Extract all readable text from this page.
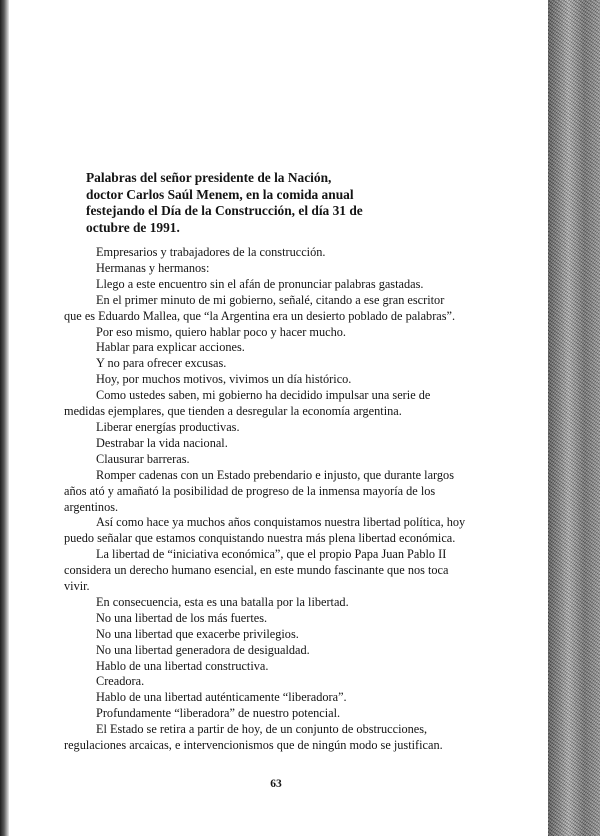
Palabras del señor presidente de la Nación,
doctor Carlos Saúl Menem, en la comida anual
festejando el Día de la Construcción, el día 31 de
octubre de 1991.
Empresarios y trabajadores de la construcción.
Hermanas y hermanos:
Llego a este encuentro sin el afán de pronunciar palabras gastadas.
En el primer minuto de mi gobierno, señalé, citando a ese gran escritor
que es Eduardo Mallea, que “la Argentina era un desierto poblado de palabras”.
Por eso mismo, quiero hablar poco y hacer mucho.
Hablar para explicar acciones.
Y no para ofrecer excusas.
Hoy, por muchos motivos, vivimos un día histórico.
Como ustedes saben, mi gobierno ha decidido impulsar una serie de
medidas ejemplares, que tienden a desregular la economía argentina.
Liberar energías productivas.
Destrabar la vida nacional.
Clausurar barreras.
Romper cadenas con un Estado prebendario e injusto, que durante largos
años ató y amañató la posibilidad de progreso de la inmensa mayoría de los
argentinos.
Así como hace ya muchos años conquistamos nuestra libertad política, hoy
puedo señalar que estamos conquistando nuestra más plena libertad económica.
La libertad de “iniciativa económica”, que el propio Papa Juan Pablo II
considera un derecho humano esencial, en este mundo fascinante que nos toca
vivir.
En consecuencia, esta es una batalla por la libertad.
No una libertad de los más fuertes.
No una libertad que exacerbe privilegios.
No una libertad generadora de desigualdad.
Hablo de una libertad constructiva.
Creadora.
Hablo de una libertad auténticamente “liberadora”.
Profundamente “liberadora” de nuestro potencial.
El Estado se retira a partir de hoy, de un conjunto de obstrucciones,
regulaciones arcaicas, e intervencionismos que de ningún modo se justifican.
63
